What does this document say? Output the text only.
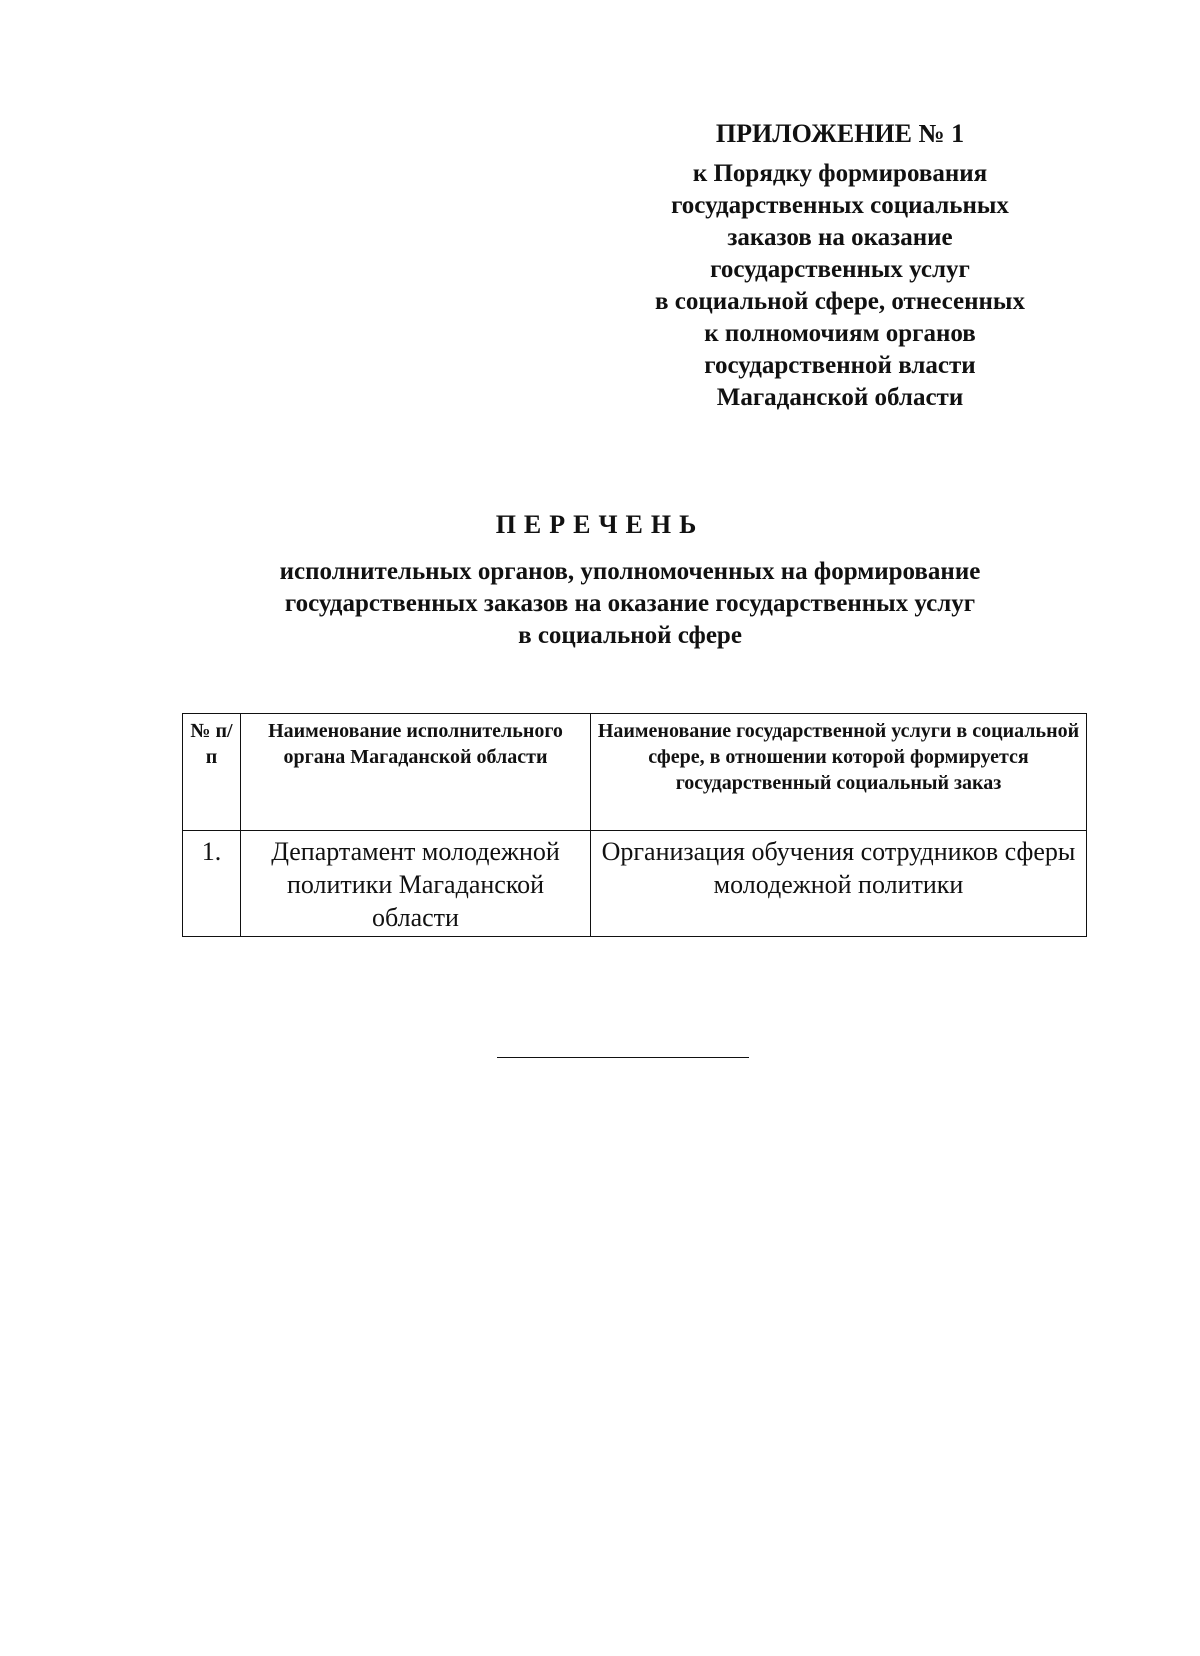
ПРИЛОЖЕНИЕ № 1
к Порядку формирования
государственных социальных
заказов на оказание
государственных услуг
в социальной сфере, отнесенных
к полномочиям органов
государственной власти
Магаданской области
ПЕРЕЧЕНЬ
исполнительных органов, уполномоченных на формирование
государственных заказов на оказание государственных услуг
в социальной сфере
№ п/п	Наименование исполнительного органа Магаданской области	Наименование государственной услуги в социальной сфере, в отношении которой формируется государственный социальный заказ
1.	Департамент молодежной политики Магаданской области	Организация обучения сотрудников сферы молодежной политики
